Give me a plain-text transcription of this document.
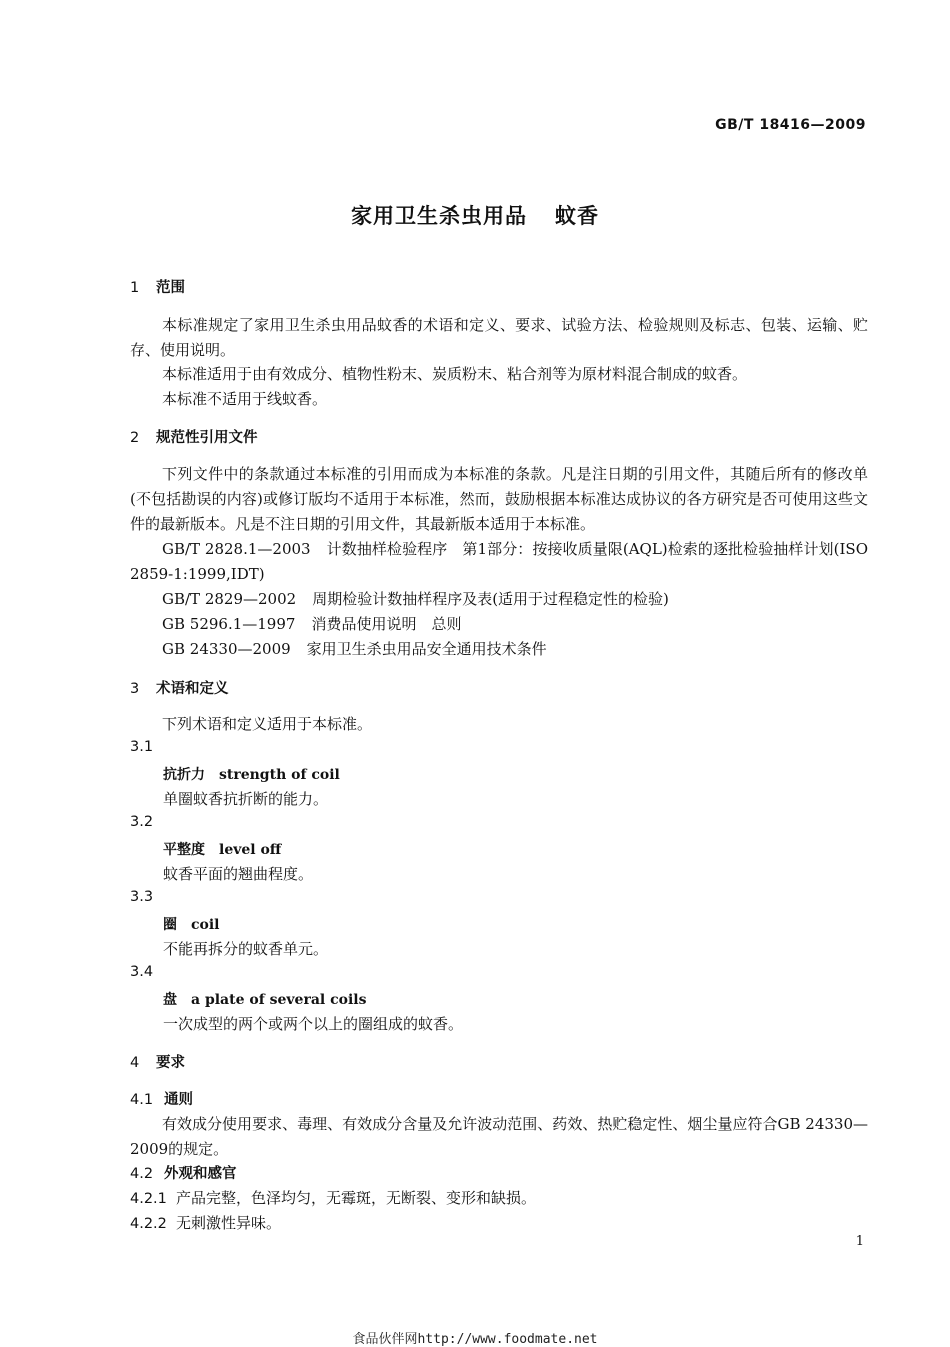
GB/T 18416—2009
家用卫生杀虫用品 蚊香
1 范围

本标准规定了家用卫生杀虫用品蚊香的术语和定义、要求、试验方法、检验规则及标志、包装、运输、贮存、使用说明。

本标准适用于由有效成分、植物性粉末、炭质粉末、粘合剂等为原材料混合制成的蚊香。

本标准不适用于线蚊香。

2 规范性引用文件

下列文件中的条款通过本标准的引用而成为本标准的条款。凡是注日期的引用文件，其随后所有的修改单(不包括勘误的内容)或修订版均不适用于本标准，然而，鼓励根据本标准达成协议的各方研究是否可使用这些文件的最新版本。凡是不注日期的引用文件，其最新版本适用于本标准。

GB/T 2828.1—2003 计数抽样检验程序　第1部分：按接收质量限(AQL)检索的逐批检验抽样计划(ISO 2859-1:1999,IDT)

GB/T 2829—2002 周期检验计数抽样程序及表(适用于过程稳定性的检验)

GB 5296.1—1997 消费品使用说明　总则

GB 24330—2009 家用卫生杀虫用品安全通用技术条件

3 术语和定义

下列术语和定义适用于本标准。

3.1
抗折力 strength of coil
单圈蚊香抗折断的能力。
3.2
平整度 level off
蚊香平面的翘曲程度。
3.3
圈 coil
不能再拆分的蚊香单元。
3.4
盘 a plate of several coils
一次成型的两个或两个以上的圈组成的蚊香。
4 要求
4.1 通则

有效成分使用要求、毒理、有效成分含量及允许波动范围、药效、热贮稳定性、烟尘量应符合GB 24330—2009的规定。

4.2 外观和感官
4.2.1 产品完整，色泽均匀，无霉斑，无断裂、变形和缺损。
4.2.2 无刺激性异味。
1
食品伙伴网http://www.foodmate.net
